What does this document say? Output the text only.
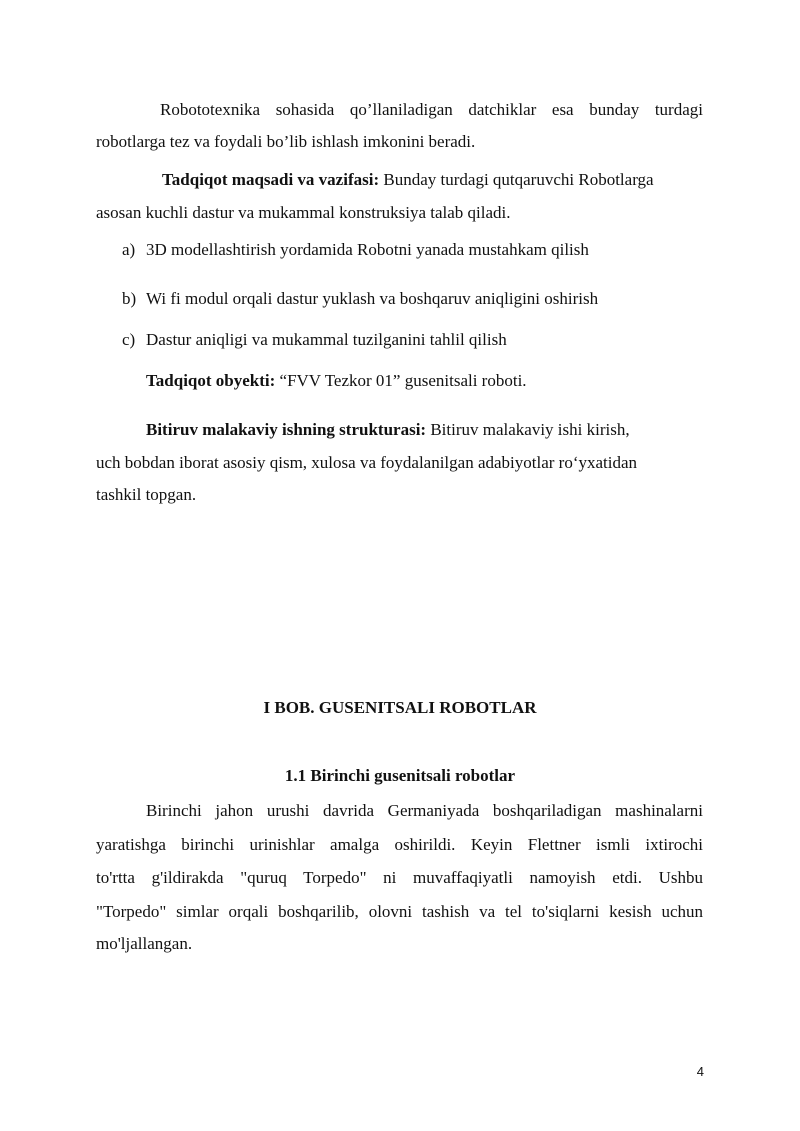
Robototexnika sohasida qo’llaniladigan datchiklar esa bunday turdagi
robotlarga tez va foydali bo’lib ishlash imkonini beradi.
Tadqiqot maqsadi va vazifasi: Bunday turdagi qutqaruvchi Robotlarga
asosan kuchli dastur va mukammal konstruksiya talab qiladi.
a) 3D modellashtirish yordamida Robotni yanada mustahkam qilish
b) Wi fi modul orqali dastur yuklash va boshqaruv aniqligini oshirish
c) Dastur aniqligi va mukammal tuzilganini tahlil qilish
Tadqiqot obyekti: “FVV Tezkor 01” gusenitsali roboti.
Bitiruv malakaviy ishning strukturasi: Bitiruv malakaviy ishi kirish,
uch bobdan iborat asosiy qism, xulosa va foydalanilgan adabiyotlar ro‘yxatidan
tashkil topgan.
I BOB. GUSENITSALI ROBOTLAR
1.1 Birinchi gusenitsali robotlar
Birinchi jahon urushi davrida Germaniyada boshqariladigan mashinalarni
yaratishga birinchi urinishlar amalga oshirildi. Keyin Flettner ismli ixtirochi
to'rtta g'ildirakda "quruq Torpedo" ni muvaffaqiyatli namoyish etdi. Ushbu
"Torpedo" simlar orqali boshqarilib, olovni tashish va tel to'siqlarni kesish uchun
mo'ljallangan.
4
